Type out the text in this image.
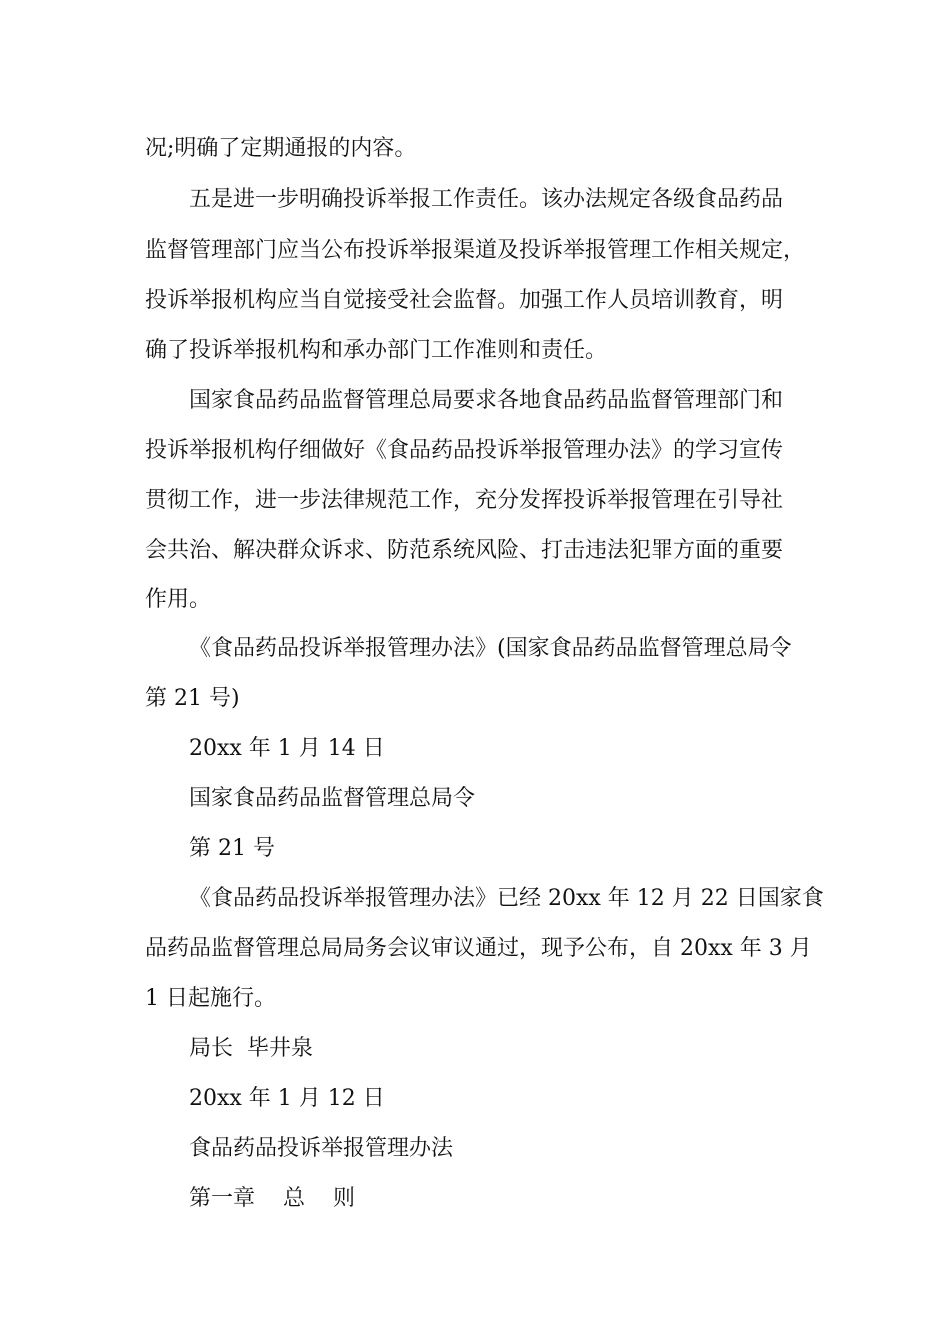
况;明确了定期通报的内容。
五是进一步明确投诉举报工作责任。该办法规定各级食品药品
监督管理部门应当公布投诉举报渠道及投诉举报管理工作相关规定，
投诉举报机构应当自觉接受社会监督。加强工作人员培训教育，明
确了投诉举报机构和承办部门工作准则和责任。
国家食品药品监督管理总局要求各地食品药品监督管理部门和
投诉举报机构仔细做好《食品药品投诉举报管理办法》的学习宣传
贯彻工作，进一步法律规范工作，充分发挥投诉举报管理在引导社
会共治、解决群众诉求、防范系统风险、打击违法犯罪方面的重要
作用。
《食品药品投诉举报管理办法》(国家食品药品监督管理总局令
第 21 号)
20xx 年 1 月 14 日
国家食品药品监督管理总局令
第 21 号
《食品药品投诉举报管理办法》已经 20xx 年 12 月 22 日国家食
品药品监督管理总局局务会议审议通过，现予公布，自 20xx 年 3 月
1 日起施行。
局长  毕井泉
20xx 年 1 月 12 日
食品药品投诉举报管理办法
第一章    总    则
